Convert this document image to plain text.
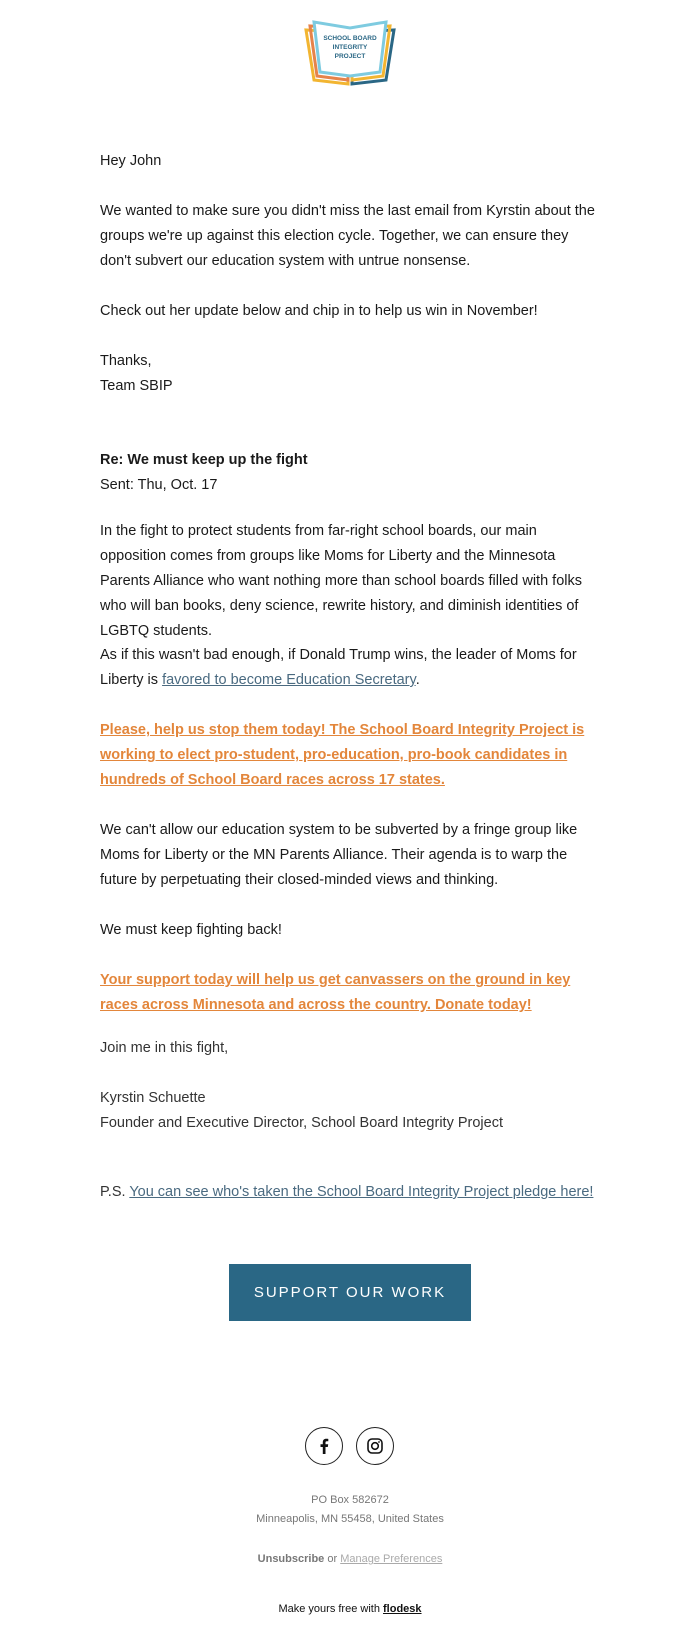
SCHOOL BOARD
INTEGRITY
PROJECT
Hey John
We wanted to make sure you didn't miss the last email from Kyrstin about the groups we're up against this election cycle. Together, we can ensure they don't subvert our education system with untrue nonsense.
Check out her update below and chip in to help us win in November!
Thanks,
Team SBIP
Re: We must keep up the fight
Sent: Thu, Oct. 17
In the fight to protect students from far-right school boards, our main opposition comes from groups like Moms for Liberty and the Minnesota Parents Alliance who want nothing more than school boards filled with folks who will ban books, deny science, rewrite history, and diminish identities of LGBTQ students.
As if this wasn't bad enough, if Donald Trump wins, the leader of Moms for Liberty is favored to become Education Secretary.
Please, help us stop them today! The School Board Integrity Project is working to elect pro-student, pro-education, pro-book candidates in hundreds of School Board races across 17 states.
We can't allow our education system to be subverted by a fringe group like Moms for Liberty or the MN Parents Alliance. Their agenda is to warp the future by perpetuating their closed-minded views and thinking.
We must keep fighting back!
Your support today will help us get canvassers on the ground in key races across Minnesota and across the country. Donate today!
Join me in this fight,
Kyrstin Schuette
Founder and Executive Director, School Board Integrity Project
P.S. You can see who's taken the School Board Integrity Project pledge here!
SUPPORT OUR WORK
PO Box 582672
Minneapolis, MN 55458, United States
Unsubscribe or Manage Preferences
Make yours free with flodesk
